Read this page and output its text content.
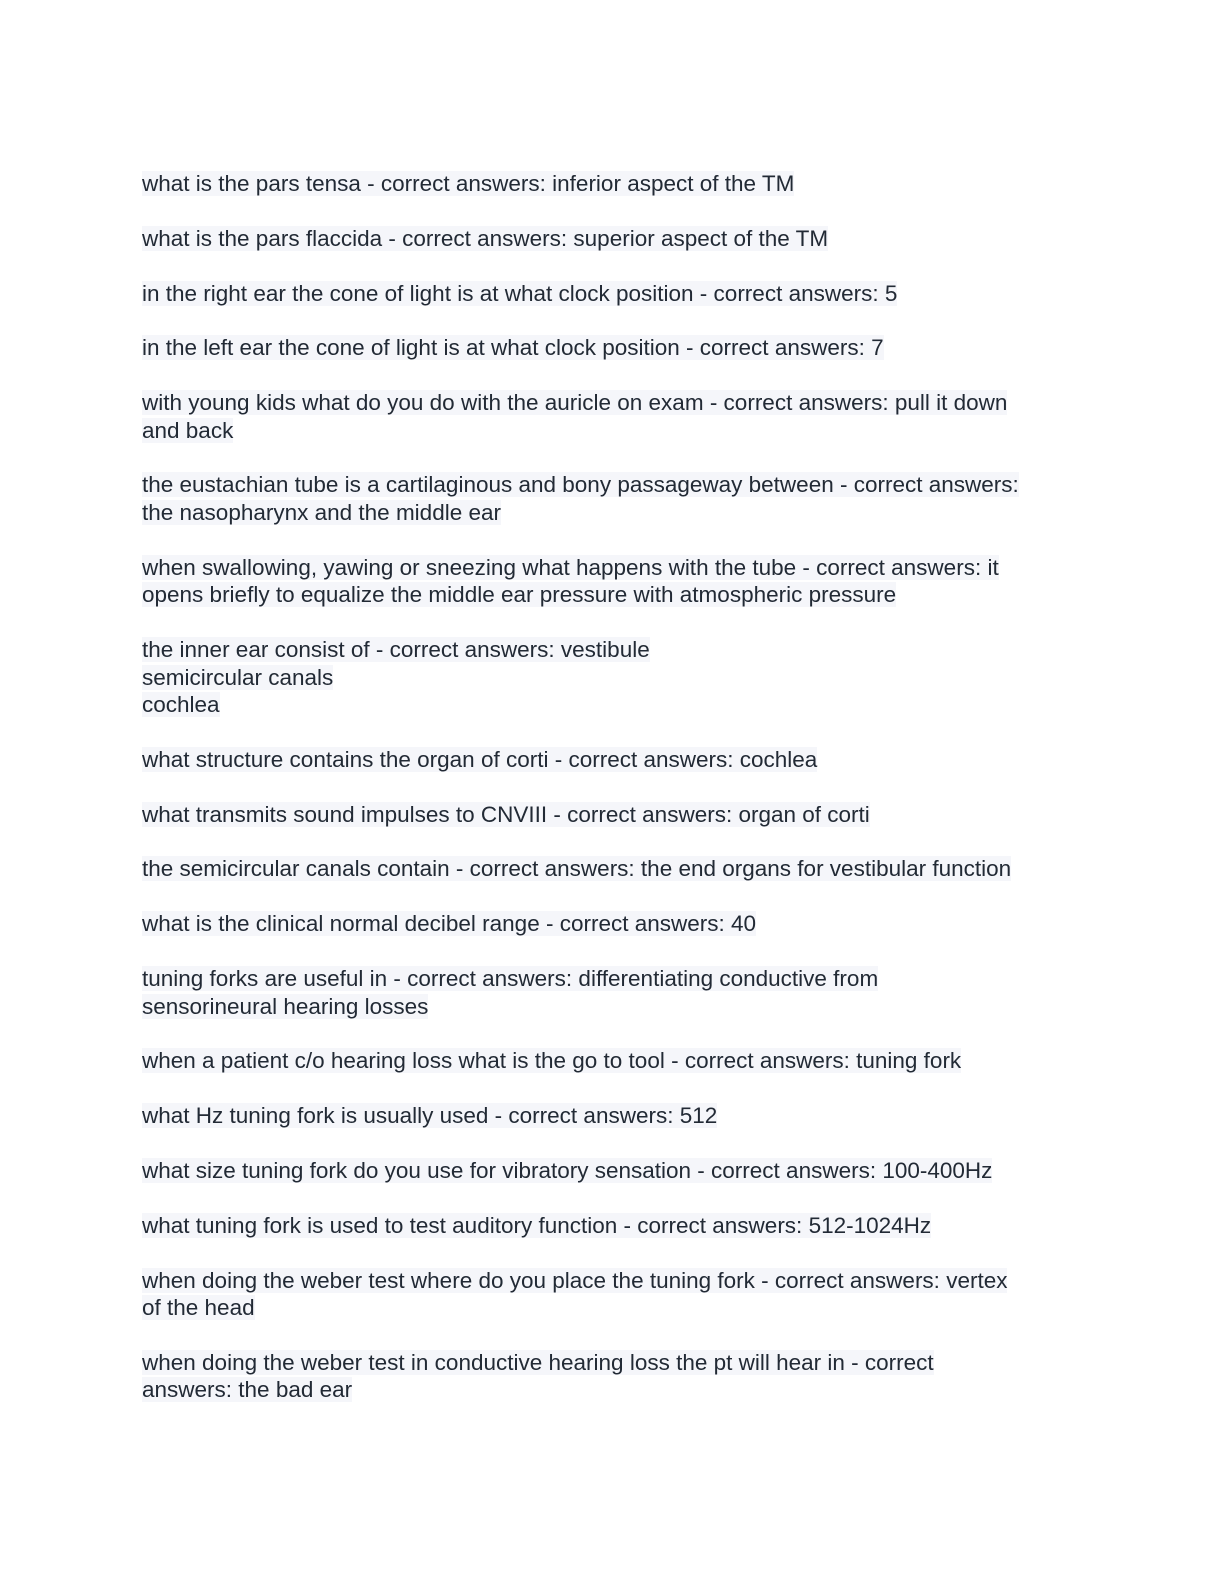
what is the pars tensa - correct answers: inferior aspect of the TM
what is the pars flaccida - correct answers: superior aspect of the TM
in the right ear the cone of light is at what clock position - correct answers: 5
in the left ear the cone of light is at what clock position - correct answers: 7
with young kids what do you do with the auricle on exam - correct answers: pull it down
and back
the eustachian tube is a cartilaginous and bony passageway between - correct answers:
the nasopharynx and the middle ear
when swallowing, yawing or sneezing what happens with the tube - correct answers: it
opens briefly to equalize the middle ear pressure with atmospheric pressure
the inner ear consist of - correct answers: vestibule
semicircular canals
cochlea
what structure contains the organ of corti - correct answers: cochlea
what transmits sound impulses to CNVIII - correct answers: organ of corti
the semicircular canals contain - correct answers: the end organs for vestibular function
what is the clinical normal decibel range - correct answers: 40
tuning forks are useful in - correct answers: differentiating conductive from
sensorineural hearing losses
when a patient c/o hearing loss what is the go to tool - correct answers: tuning fork
what Hz tuning fork is usually used - correct answers: 512
what size tuning fork do you use for vibratory sensation - correct answers: 100-400Hz
what tuning fork is used to test auditory function - correct answers: 512-1024Hz
when doing the weber test where do you place the tuning fork - correct answers: vertex
of the head
when doing the weber test in conductive hearing loss the pt will hear in - correct
answers: the bad ear
